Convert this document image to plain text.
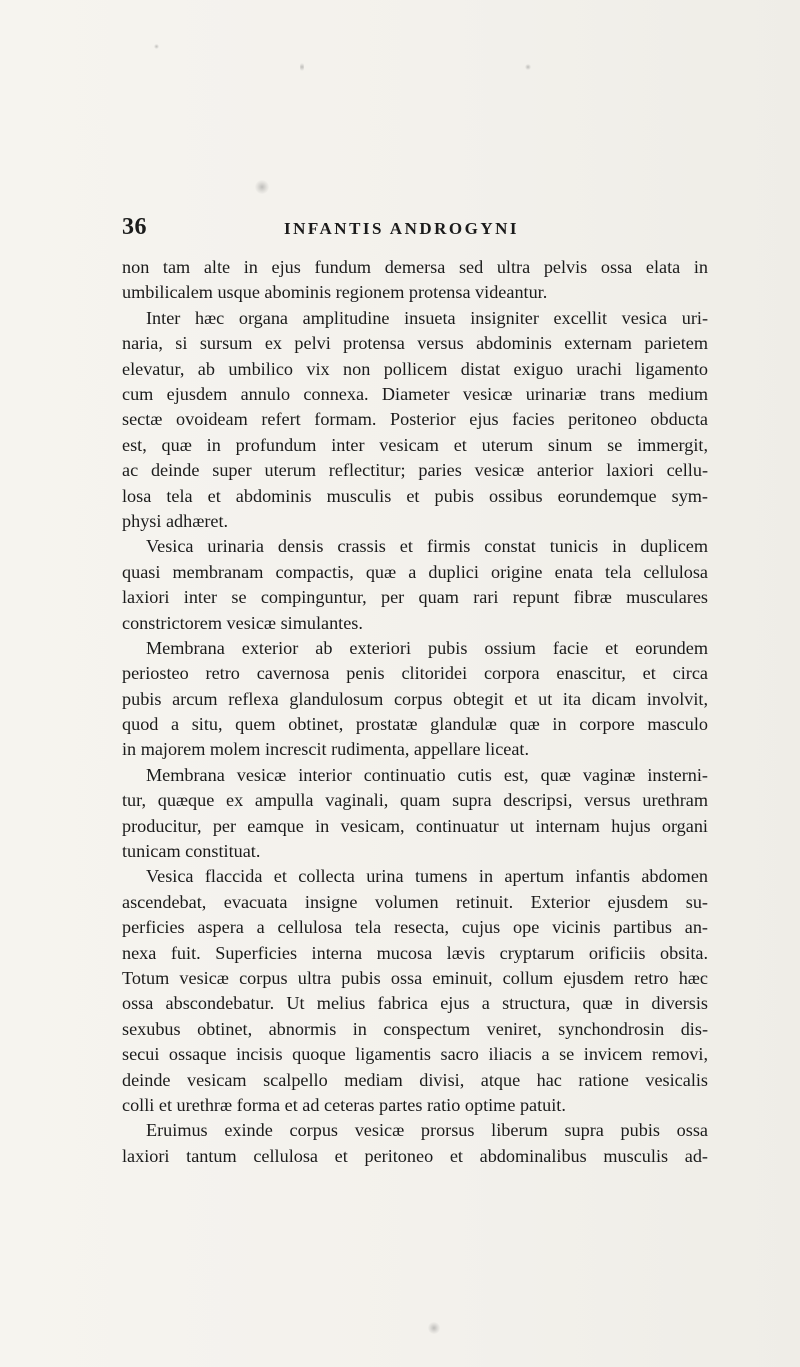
36	INFANTIS ANDROGYNI
non tam alte in ejus fundum demersa sed ultra pelvis ossa elata in
umbilicalem usque abominis regionem protensa videantur.
Inter hæc organa amplitudine insueta insigniter excellit vesica uri-
naria, si sursum ex pelvi protensa versus abdominis externam parietem
elevatur, ab umbilico vix non pollicem distat exiguo urachi ligamento
cum ejusdem annulo connexa. Diameter vesicæ urinariæ trans medium
sectæ ovoideam refert formam. Posterior ejus facies peritoneo obducta
est, quæ in profundum inter vesicam et uterum sinum se immergit,
ac deinde super uterum reflectitur; paries vesicæ anterior laxiori cellu-
losa tela et abdominis musculis et pubis ossibus eorundemque sym-
physi adhæret.
Vesica urinaria densis crassis et firmis constat tunicis in duplicem
quasi membranam compactis, quæ a duplici origine enata tela cellulosa
laxiori inter se compinguntur, per quam rari repunt fibræ musculares
constrictorem vesicæ simulantes.
Membrana exterior ab exteriori pubis ossium facie et eorundem
periosteo retro cavernosa penis clitoridei corpora enascitur, et circa
pubis arcum reflexa glandulosum corpus obtegit et ut ita dicam involvit,
quod a situ, quem obtinet, prostatæ glandulæ quæ in corpore masculo
in majorem molem increscit rudimenta, appellare liceat.
Membrana vesicæ interior continuatio cutis est, quæ vaginæ insterni-
tur, quæque ex ampulla vaginali, quam supra descripsi, versus urethram
producitur, per eamque in vesicam, continuatur ut internam hujus organi
tunicam constituat.
Vesica flaccida et collecta urina tumens in apertum infantis abdomen
ascendebat, evacuata insigne volumen retinuit. Exterior ejusdem su-
perficies aspera a cellulosa tela resecta, cujus ope vicinis partibus an-
nexa fuit. Superficies interna mucosa lævis cryptarum orificiis obsita.
Totum vesicæ corpus ultra pubis ossa eminuit, collum ejusdem retro hæc
ossa abscondebatur. Ut melius fabrica ejus a structura, quæ in diversis
sexubus obtinet, abnormis in conspectum veniret, synchondrosin dis-
secui ossaque incisis quoque ligamentis sacro iliacis a se invicem removi,
deinde vesicam scalpello mediam divisi, atque hac ratione vesicalis
colli et urethræ forma et ad ceteras partes ratio optime patuit.
Eruimus exinde corpus vesicæ prorsus liberum supra pubis ossa
laxiori tantum cellulosa et peritoneo et abdominalibus musculis ad-
